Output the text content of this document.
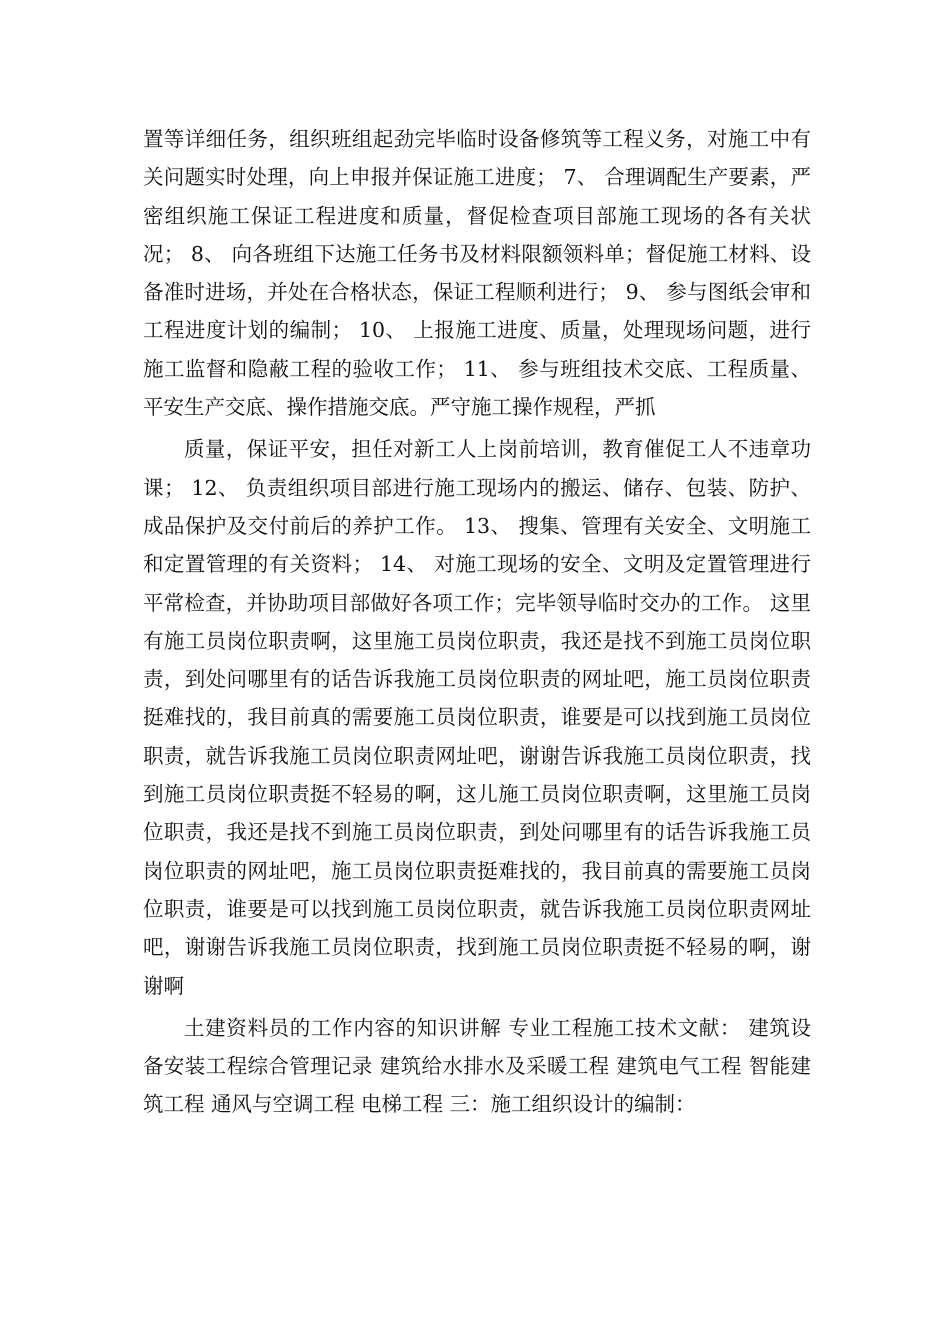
置等详细任务，组织班组起劲完毕临时设备修筑等工程义务，对施工中有关问题实时处理，向上申报并保证施工进度； 7、 合理调配生产要素，严密组织施工保证工程进度和质量，督促检查项目部施工现场的各有关状况； 8、 向各班组下达施工任务书及材料限额领料单；督促施工材料、设备准时进场，并处在合格状态，保证工程顺利进行； 9、 参与图纸会审和工程进度计划的编制； 10、 上报施工进度、质量，处理现场问题，进行施工监督和隐蔽工程的验收工作； 11、 参与班组技术交底、工程质量、平安生产交底、操作措施交底。严守施工操作规程，严抓

质量，保证平安，担任对新工人上岗前培训，教育催促工人不违章功课； 12、 负责组织项目部进行施工现场内的搬运、储存、包装、防护、成品保护及交付前后的养护工作。 13、 搜集、管理有关安全、文明施工和定置管理的有关资料； 14、 对施工现场的安全、文明及定置管理进行平常检查，并协助项目部做好各项工作；完毕领导临时交办的工作。 这里有施工员岗位职责啊，这里施工员岗位职责，我还是找不到施工员岗位职责，到处问哪里有的话告诉我施工员岗位职责的网址吧，施工员岗位职责挺难找的，我目前真的需要施工员岗位职责，谁要是可以找到施工员岗位职责，就告诉我施工员岗位职责网址吧，谢谢告诉我施工员岗位职责，找到施工员岗位职责挺不轻易的啊，这儿施工员岗位职责啊，这里施工员岗位职责，我还是找不到施工员岗位职责，到处问哪里有的话告诉我施工员岗位职责的网址吧，施工员岗位职责挺难找的，我目前真的需要施工员岗位职责，谁要是可以找到施工员岗位职责，就告诉我施工员岗位职责网址吧，谢谢告诉我施工员岗位职责，找到施工员岗位职责挺不轻易的啊，谢谢啊

土建资料员的工作内容的知识讲解 专业工程施工技术文献： 建筑设备安装工程综合管理记录 建筑给水排水及采暖工程 建筑电气工程 智能建筑工程 通风与空调工程 电梯工程 三：施工组织设计的编制：
